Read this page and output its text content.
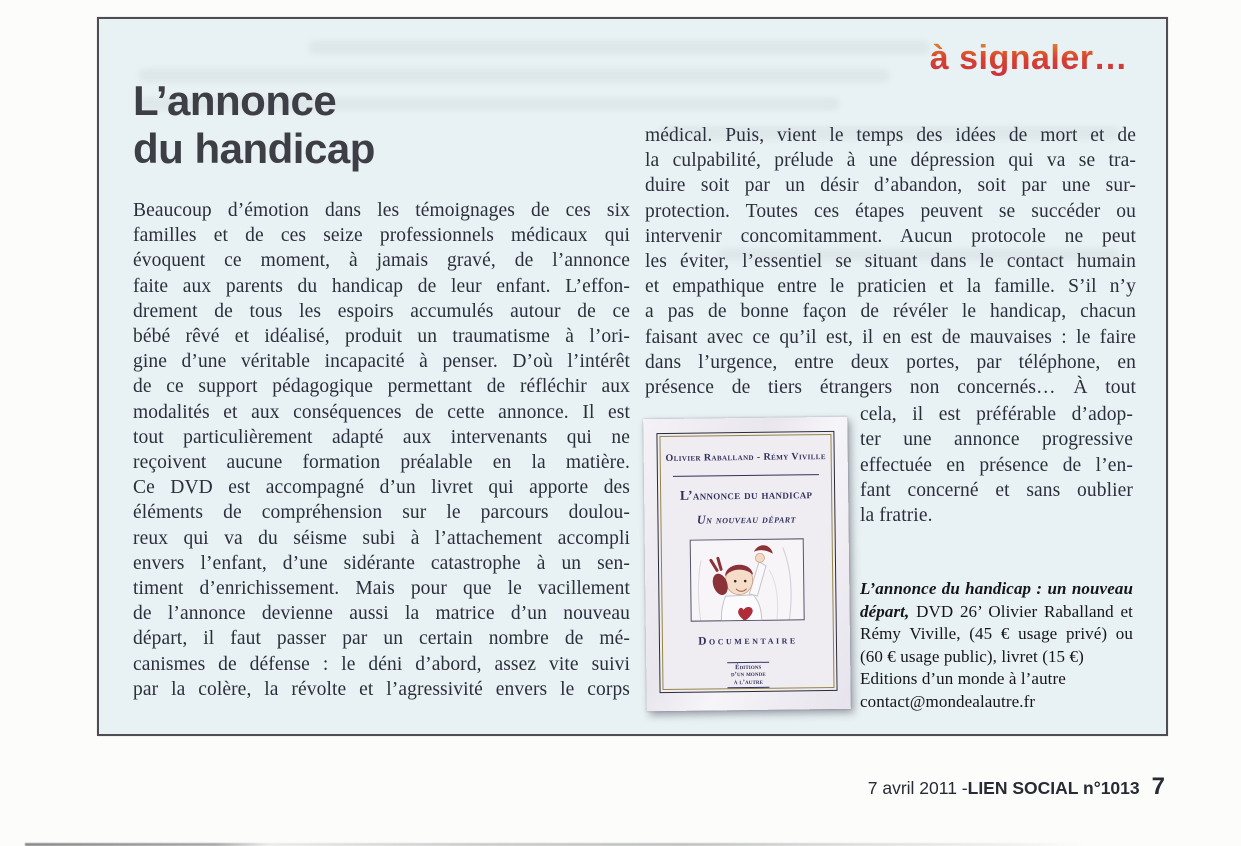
à signaler…
L’annonce
du handicap
Beaucoup d’émotion dans les témoignages de ces six
familles et de ces seize professionnels médicaux qui
évoquent ce moment, à jamais gravé, de l’annonce
faite aux parents du handicap de leur enfant. L’effon-
drement de tous les espoirs accumulés autour de ce
bébé rêvé et idéalisé, produit un traumatisme à l’ori-
gine d’une véritable incapacité à penser. D’où l’intérêt
de ce support pédagogique permettant de réfléchir aux
modalités et aux conséquences de cette annonce. Il est
tout particulièrement adapté aux intervenants qui ne
reçoivent aucune formation préalable en la matière.
Ce DVD est accompagné d’un livret qui apporte des
éléments de compréhension sur le parcours doulou-
reux qui va du séisme subi à l’attachement accompli
envers l’enfant, d’une sidérante catastrophe à un sen-
timent d’enrichissement. Mais pour que le vacillement
de l’annonce devienne aussi la matrice d’un nouveau
départ, il faut passer par un certain nombre de mé-
canismes de défense : le déni d’abord, assez vite suivi
par la colère, la révolte et l’agressivité envers le corps
médical. Puis, vient le temps des idées de mort et de
la culpabilité, prélude à une dépression qui va se tra-
duire soit par un désir d’abandon, soit par une sur-
protection. Toutes ces étapes peuvent se succéder ou
intervenir concomitamment. Aucun protocole ne peut
les éviter, l’essentiel se situant dans le contact humain
et empathique entre le praticien et la famille. S’il n’y
a pas de bonne façon de révéler le handicap, chacun
faisant avec ce qu’il est, il en est de mauvaises : le faire
dans l’urgence, entre deux portes, par téléphone, en
présence de tiers étrangers non concernés… À tout
Olivier Raballand - Rémy Viville
L’annonce du handicap
Un nouveau départ
Documentaire
Éditions
d’un monde
à l’autre
cela, il est préférable d’adop-
ter une annonce progressive
effectuée en présence de l’en-
fant concerné et sans oublier
la fratrie.

L’annonce du handicap : un nouveau départ, DVD 26’ Olivier Raballand et Rémy Viville, (45 € usage privé) ou (60 € usage public), livret (15 €)

Editions d’un monde à l’autre
contact@mondealautre.fr
7 avril 2011 - LIEN SOCIAL n°1013 7
